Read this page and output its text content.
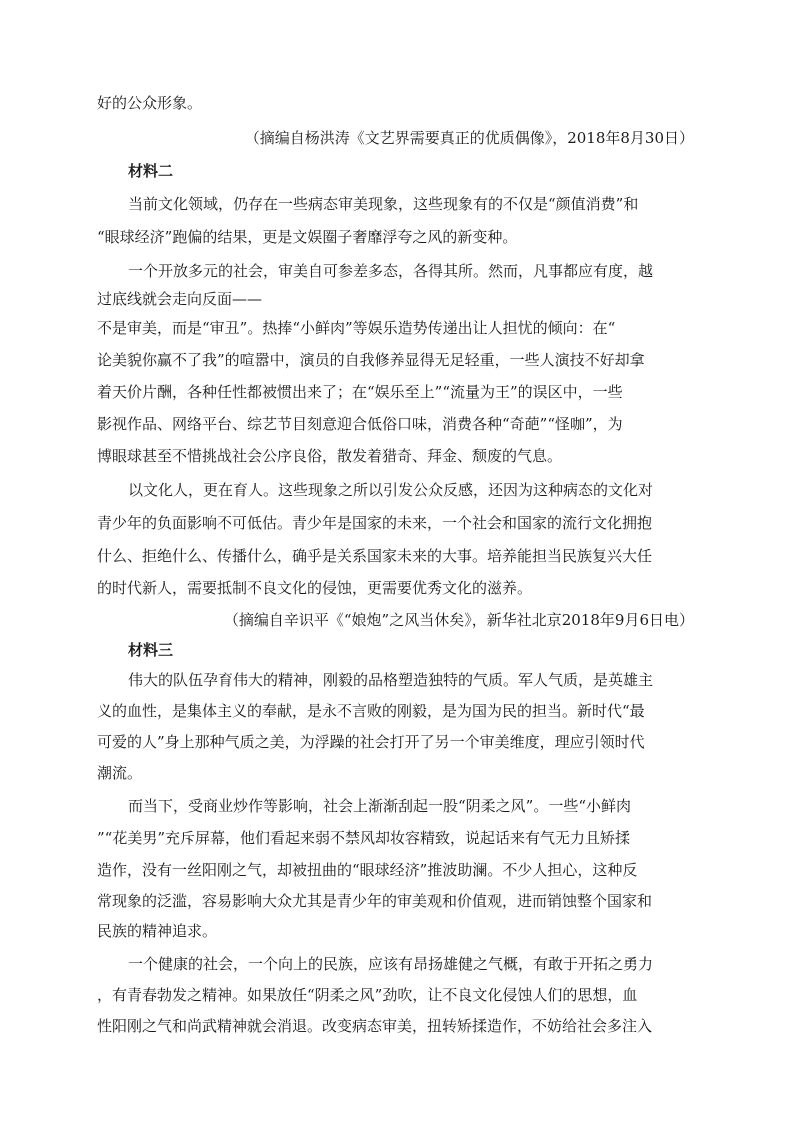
好的公众形象。
（摘编自杨洪涛《文艺界需要真正的优质偶像》，2018年8月30日）
材料二
当前文化领域，仍存在一些病态审美现象，这些现象有的不仅是“颜值消费”和
“眼球经济”跑偏的结果，更是文娱圈子奢靡浮夸之风的新变种。
一个开放多元的社会，审美自可参差多态，各得其所。然而，凡事都应有度，越
过底线就会走向反面——
不是审美，而是“审丑”。热捧“小鲜肉”等娱乐造势传递出让人担忧的倾向：在“
论美貌你赢不了我”的喧嚣中，演员的自我修养显得无足轻重，一些人演技不好却拿
着天价片酬，各种任性都被惯出来了；在“娱乐至上”“流量为王”的误区中，一些
影视作品、网络平台、综艺节目刻意迎合低俗口味，消费各种“奇葩”“怪咖”，为
博眼球甚至不惜挑战社会公序良俗，散发着猎奇、拜金、颓废的气息。
以文化人，更在育人。这些现象之所以引发公众反感，还因为这种病态的文化对
青少年的负面影响不可低估。青少年是国家的未来，一个社会和国家的流行文化拥抱
什么、拒绝什么、传播什么，确乎是关系国家未来的大事。培养能担当民族复兴大任
的时代新人，需要抵制不良文化的侵蚀，更需要优秀文化的滋养。
（摘编自辛识平《“娘炮”之风当休矣》，新华社北京2018年9月6日电）
材料三
伟大的队伍孕育伟大的精神，刚毅的品格塑造独特的气质。军人气质，是英雄主
义的血性，是集体主义的奉献，是永不言败的刚毅，是为国为民的担当。新时代“最
可爱的人”身上那种气质之美，为浮躁的社会打开了另一个审美维度，理应引领时代
潮流。
而当下，受商业炒作等影响，社会上渐渐刮起一股“阴柔之风”。一些“小鲜肉
”“花美男”充斥屏幕，他们看起来弱不禁风却妆容精致，说起话来有气无力且矫揉
造作，没有一丝阳刚之气，却被扭曲的“眼球经济”推波助澜。不少人担心，这种反
常现象的泛滥，容易影响大众尤其是青少年的审美观和价值观，进而销蚀整个国家和
民族的精神追求。
一个健康的社会，一个向上的民族，应该有昂扬雄健之气概，有敢于开拓之勇力
，有青春勃发之精神。如果放任“阴柔之风”劲吹，让不良文化侵蚀人们的思想，血
性阳刚之气和尚武精神就会消退。改变病态审美，扭转矫揉造作，不妨给社会多注入
